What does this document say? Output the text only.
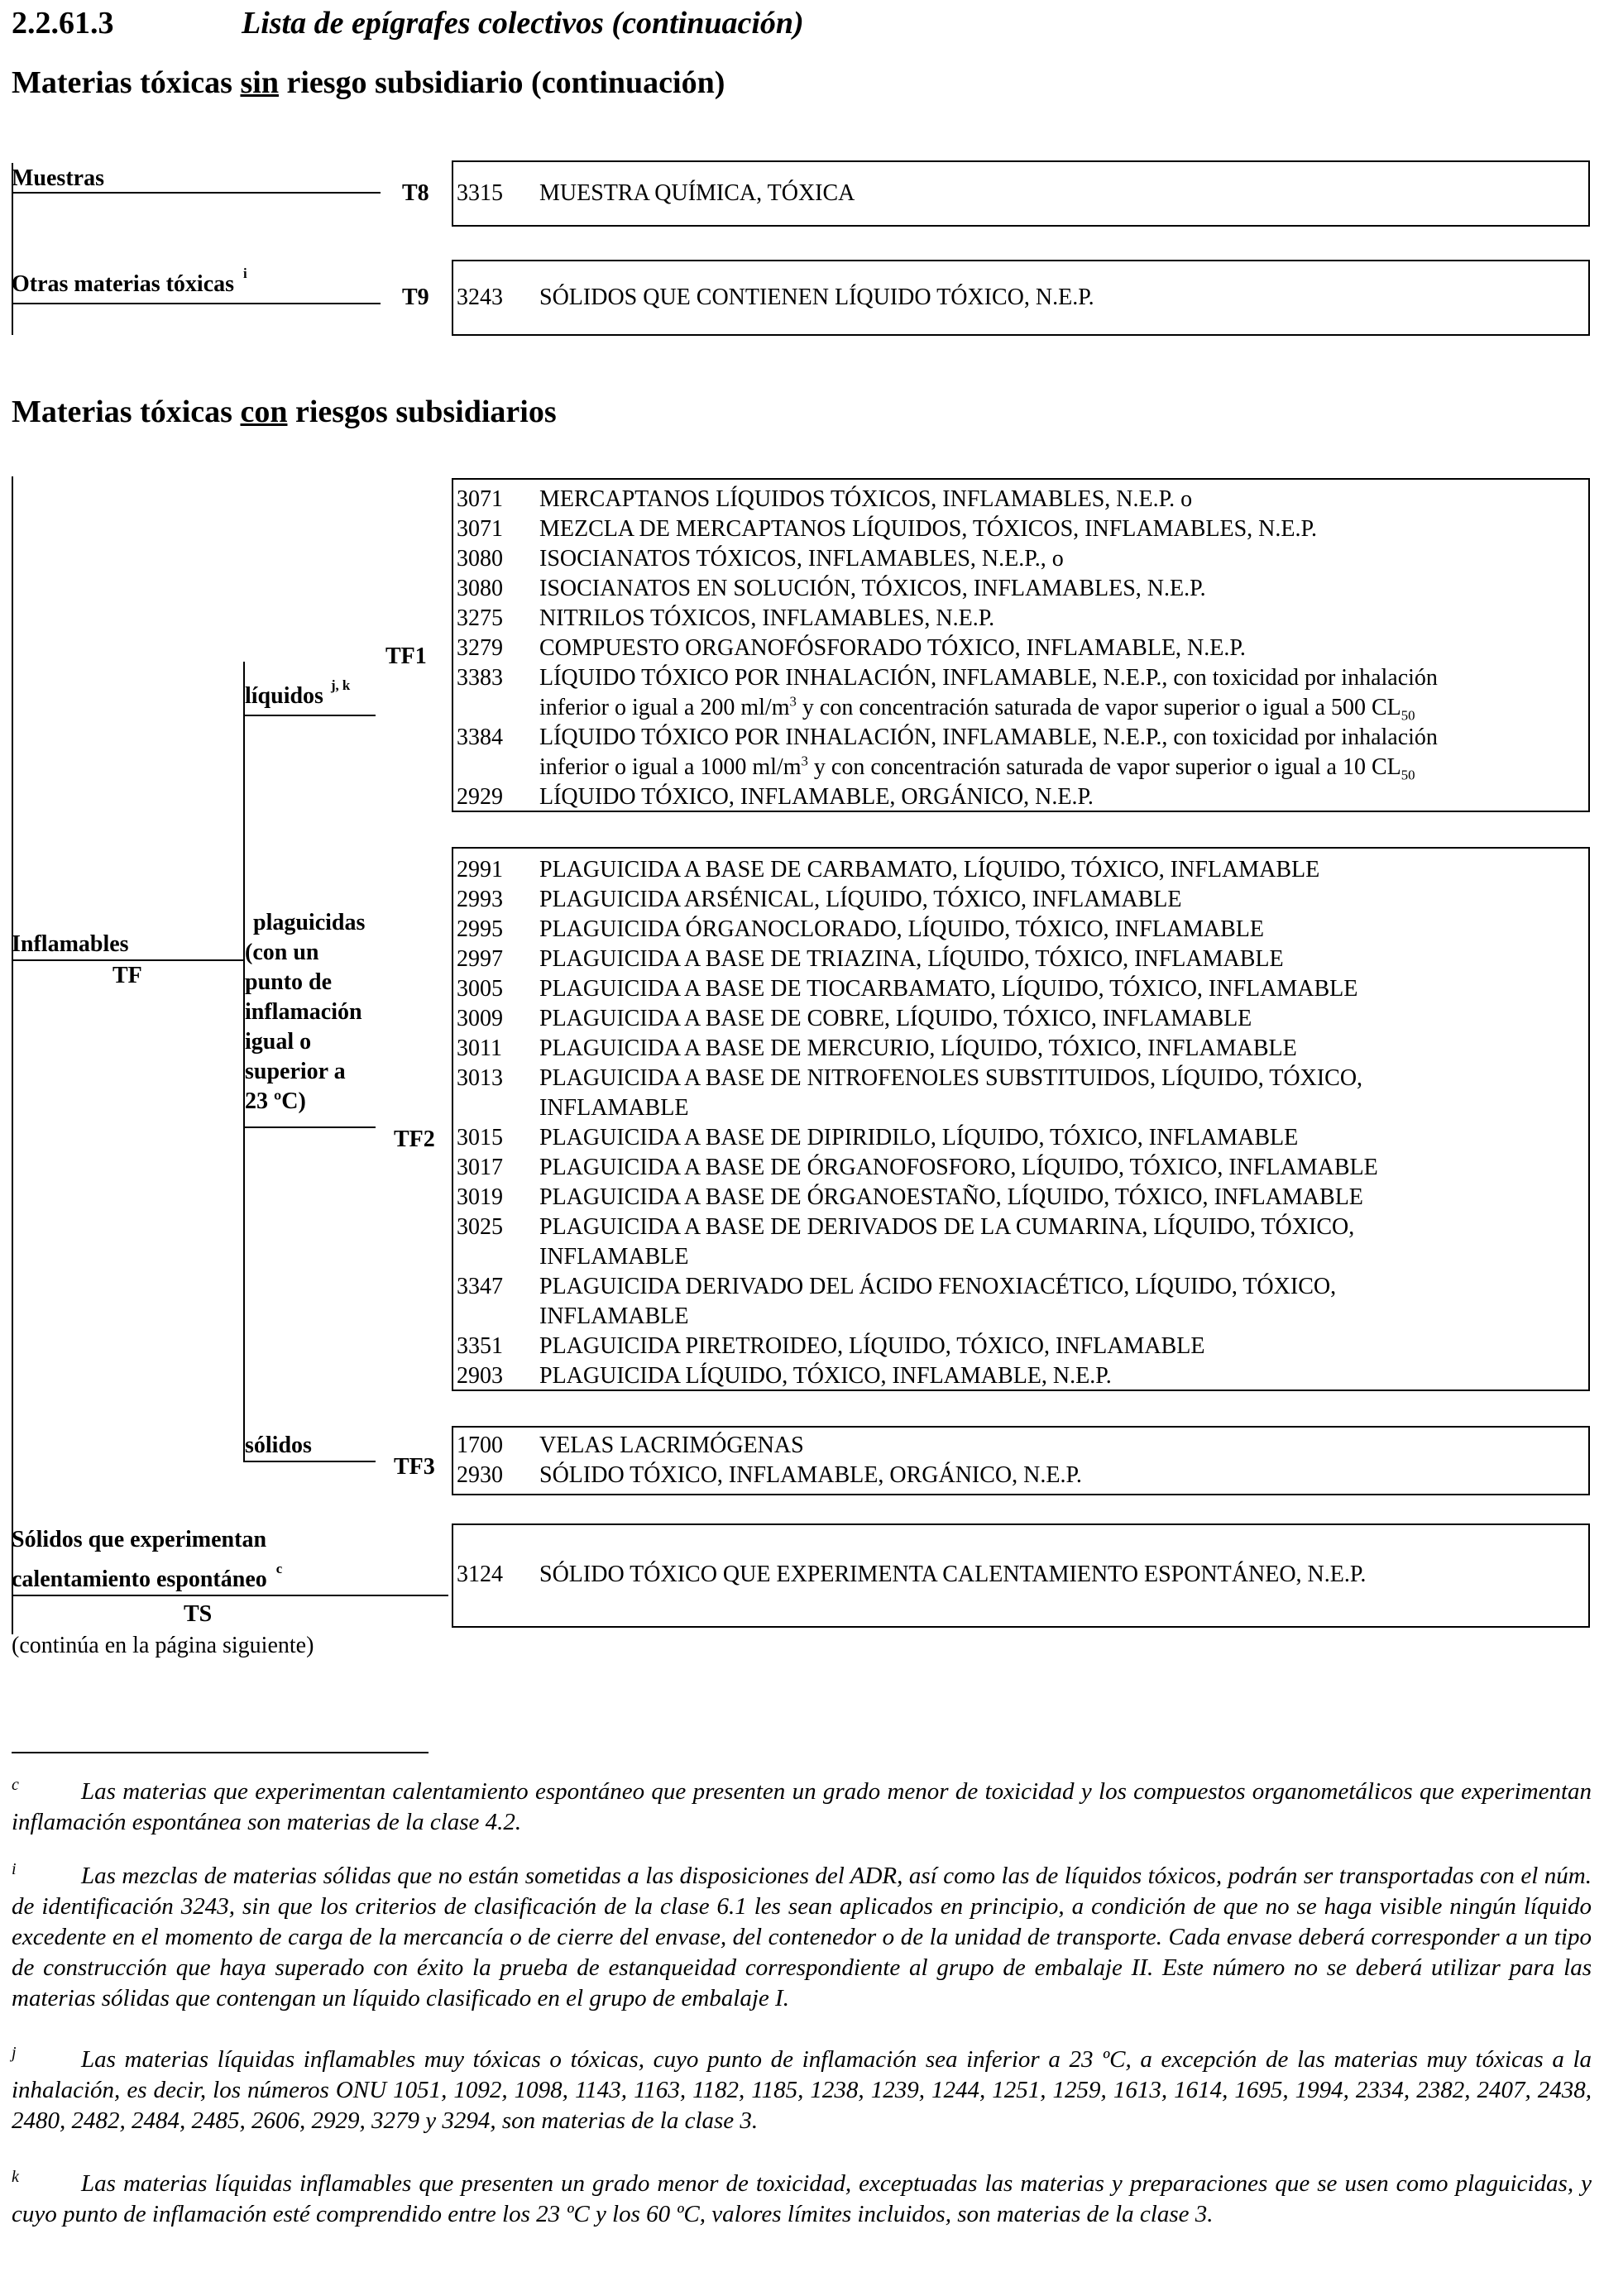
2.2.61.3	Lista de epígrafes colectivos (continuación)
Materias tóxicas sin riesgo subsidiario (continuación)
Muestras
T8 3315 MUESTRA QUÍMICA, TÓXICA
Otras materias tóxicas $^i$
T9 3243 SÓLIDOS QUE CONTIENEN LÍQUIDO TÓXICO, N.E.P.
Materias tóxicas con riesgos subsidiarios
Inflamables
TF
líquidos $^{j, k}$
TF1
3071 MERCAPTANOS LÍQUIDOS TÓXICOS, INFLAMABLES, N.E.P. o
3071 MEZCLA DE MERCAPTANOS LÍQUIDOS, TÓXICOS, INFLAMABLES, N.E.P.
3080 ISOCIANATOS TÓXICOS, INFLAMABLES, N.E.P., o
3080 ISOCIANATOS EN SOLUCIÓN, TÓXICOS, INFLAMABLES, N.E.P.
3275 NITRILOS TÓXICOS, INFLAMABLES, N.E.P.
3279 COMPUESTO ORGANOFÓSFORADO TÓXICO, INFLAMABLE, N.E.P.
3383 LÍQUIDO TÓXICO POR INHALACIÓN, INFLAMABLE, N.E.P., con toxicidad por inhalación
inferior o igual a 200 $ml/m^3$ y con concentración saturada de vapor superior o igual a 500 $CL_{50}$
3384 LÍQUIDO TÓXICO POR INHALACIÓN, INFLAMABLE, N.E.P., con toxicidad por inhalación
inferior o igual a 1000 $ml/m^3$ y con concentración saturada de vapor superior o igual a 10 $CL_{50}$
2929 LÍQUIDO TÓXICO, INFLAMABLE, ORGÁNICO, N.E.P.
plaguicidas
(con un
punto de
inflamación
igual o
superior a
23 ºC)
TF2
2991 PLAGUICIDA A BASE DE CARBAMATO, LÍQUIDO, TÓXICO, INFLAMABLE
2993 PLAGUICIDA ARSÉNICAL, LÍQUIDO, TÓXICO, INFLAMABLE
2995 PLAGUICIDA ÓRGANOCLORADO, LÍQUIDO, TÓXICO, INFLAMABLE
2997 PLAGUICIDA A BASE DE TRIAZINA, LÍQUIDO, TÓXICO, INFLAMABLE
3005 PLAGUICIDA A BASE DE TIOCARBAMATO, LÍQUIDO, TÓXICO, INFLAMABLE
3009 PLAGUICIDA A BASE DE COBRE, LÍQUIDO, TÓXICO, INFLAMABLE
3011 PLAGUICIDA A BASE DE MERCURIO, LÍQUIDO, TÓXICO, INFLAMABLE
3013 PLAGUICIDA A BASE DE NITROFENOLES SUBSTITUIDOS, LÍQUIDO, TÓXICO,
INFLAMABLE
3015 PLAGUICIDA A BASE DE DIPIRIDILO, LÍQUIDO, TÓXICO, INFLAMABLE
3017 PLAGUICIDA A BASE DE ÓRGANOFOSFORO, LÍQUIDO, TÓXICO, INFLAMABLE
3019 PLAGUICIDA A BASE DE ÓRGANOESTAÑO, LÍQUIDO, TÓXICO, INFLAMABLE
3025 PLAGUICIDA A BASE DE DERIVADOS DE LA CUMARINA, LÍQUIDO, TÓXICO,
INFLAMABLE
3347 PLAGUICIDA DERIVADO DEL ÁCIDO FENOXIACÉTICO, LÍQUIDO, TÓXICO,
INFLAMABLE
3351 PLAGUICIDA PIRETROIDEO, LÍQUIDO, TÓXICO, INFLAMABLE
2903 PLAGUICIDA LÍQUIDO, TÓXICO, INFLAMABLE, N.E.P.
sólidos
TF3
1700 VELAS LACRIMÓGENAS
2930 SÓLIDO TÓXICO, INFLAMABLE, ORGÁNICO, N.E.P.
Sólidos que experimentan
calentamiento espontáneo $^c$
TS
(continúa en la página siguiente)
3124 SÓLIDO TÓXICO QUE EXPERIMENTA CALENTAMIENTO ESPONTÁNEO, N.E.P.
c	Las materias que experimentan calentamiento espontáneo que presenten un grado menor de toxicidad y los compuestos organometálicos que experimentan inflamación espontánea son materias de la clase 4.2.
i	Las mezclas de materias sólidas que no están sometidas a las disposiciones del ADR, así como las de líquidos tóxicos, podrán ser transportadas con el núm. de identificación 3243, sin que los criterios de clasificación de la clase 6.1 les sean aplicados en principio, a condición de que no se haga visible ningún líquido excedente en el momento de carga de la mercancía o de cierre del envase, del contenedor o de la unidad de transporte. Cada envase deberá corresponder a un tipo de construcción que haya superado con éxito la prueba de estanqueidad correspondiente al grupo de embalaje II. Este número no se deberá utilizar para las materias sólidas que contengan un líquido clasificado en el grupo de embalaje I.
j	Las materias líquidas inflamables muy tóxicas o tóxicas, cuyo punto de inflamación sea inferior a 23 ºC, a excepción de las materias muy tóxicas a la inhalación, es decir, los números ONU 1051, 1092, 1098, 1143, 1163, 1182, 1185, 1238, 1239, 1244, 1251, 1259, 1613, 1614, 1695, 1994, 2334, 2382, 2407, 2438, 2480, 2482, 2484, 2485, 2606, 2929, 3279 y 3294, son materias de la clase 3.
k	Las materias líquidas inflamables que presenten un grado menor de toxicidad, exceptuadas las materias y preparaciones que se usen como plaguicidas, y cuyo punto de inflamación esté comprendido entre los 23 ºC y los 60 ºC, valores límites incluidos, son materias de la clase 3.
